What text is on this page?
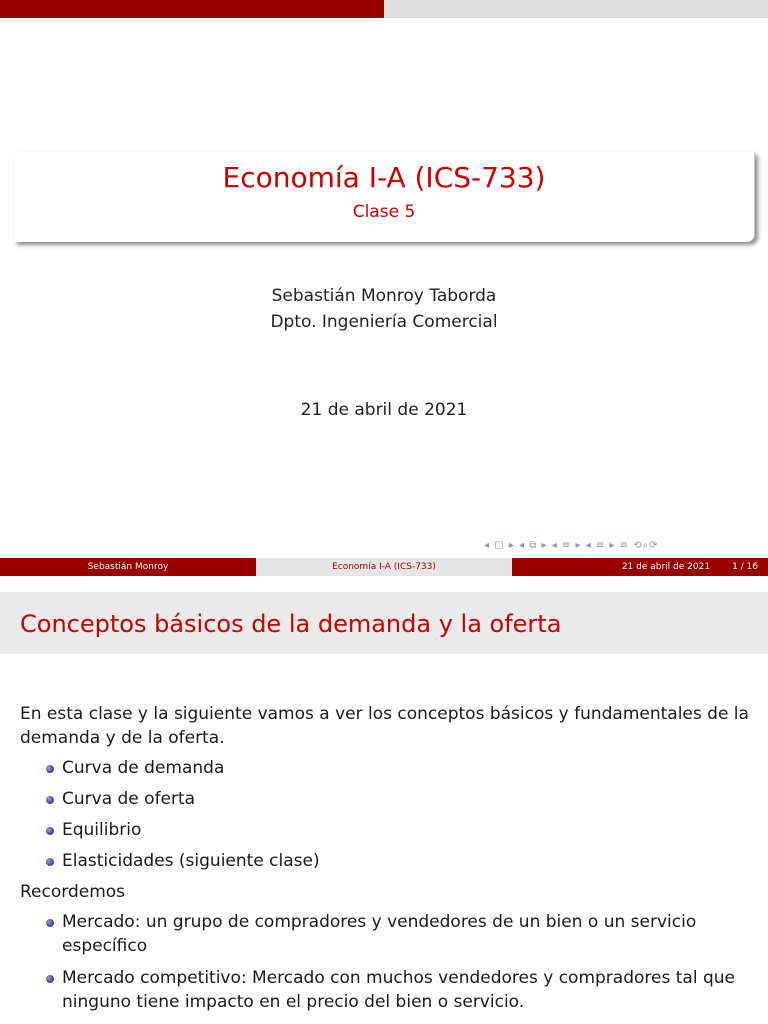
Economía I-A (ICS-733)
Clase 5
Sebastián Monroy Taborda
Dpto. Ingeniería Comercial
21 de abril de 2021
◂ ▢ ▸ ◂ ⧉ ▸ ◂ ≡ ▸ ◂ ≡ ▸ ≡ ⟲⌕⟳
Sebastián Monroy	Economía I-A (ICS-733)	21 de abril de 2021 1 / 16
Conceptos básicos de la demanda y la oferta
En esta clase y la siguiente vamos a ver los conceptos básicos y fundamentales de la demanda y de la oferta.
Curva de demanda
Curva de oferta
Equilibrio
Elasticidades (siguiente clase)
Recordemos
Mercado: un grupo de compradores y vendedores de un bien o un servicio específico
Mercado competitivo: Mercado con muchos vendedores y compradores tal que ninguno tiene impacto en el precio del bien o servicio.
